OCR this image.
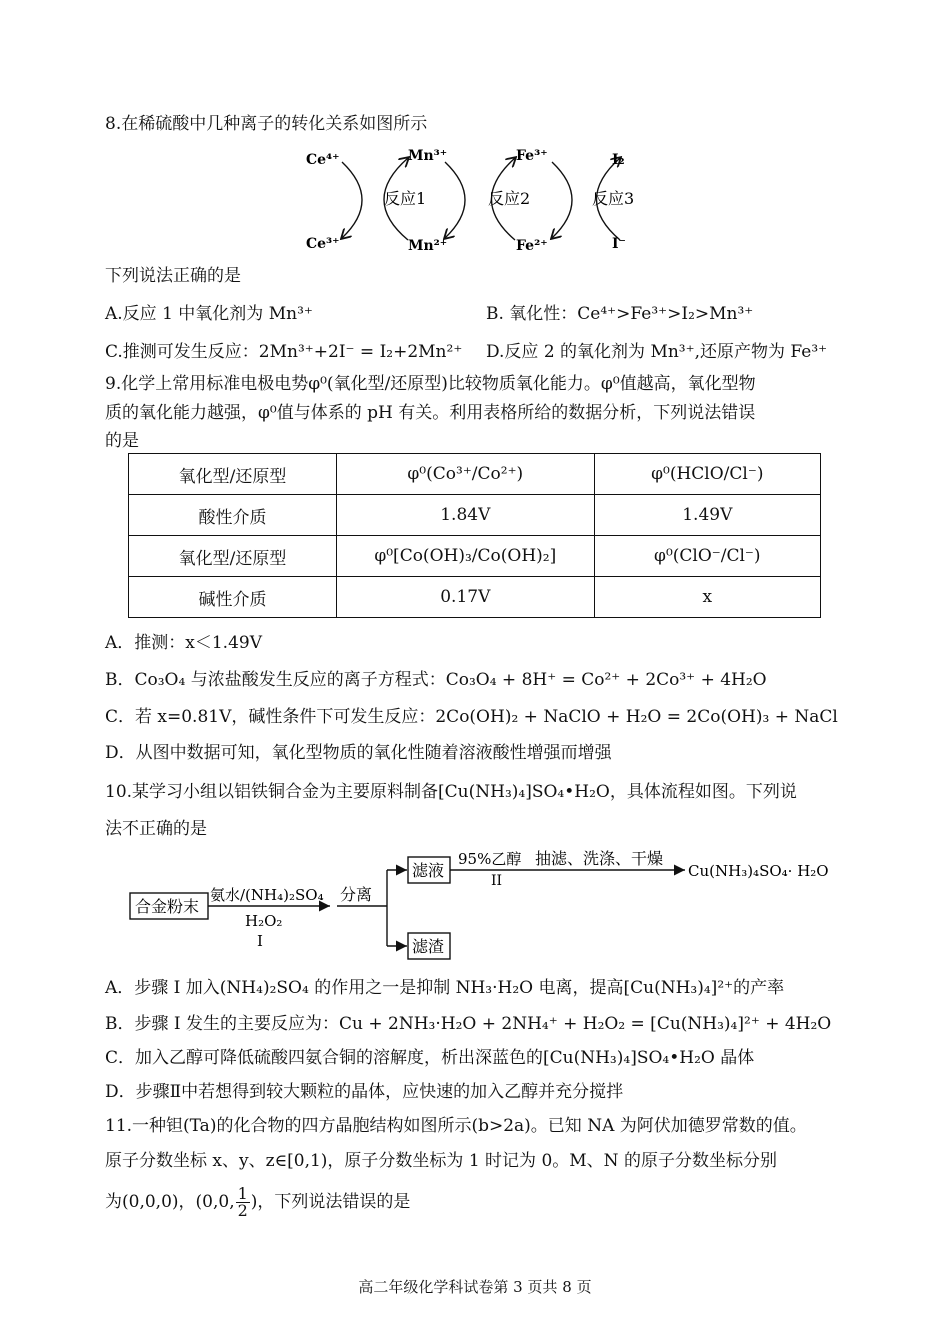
8.在稀硫酸中几种离子的转化关系如图所示
Ce⁴⁺	Mn³⁺	Fe³⁺	I₂
Ce³⁺	Mn²⁺	Fe²⁺	I⁻
反应1	反应2	反应3
下列说法正确的是
A.反应 1 中氧化剂为 Mn³⁺	B. 氧化性：Ce⁴⁺>Fe³⁺>I₂>Mn³⁺
C.推测可发生反应：2Mn³⁺+2I⁻ = I₂+2Mn²⁺ D.反应 2 的氧化剂为 Mn³⁺,还原产物为 Fe³⁺
9.化学上常用标准电极电势φ⁰(氧化型/还原型)比较物质氧化能力。φ⁰值越高，氧化型物
质的氧化能力越强，φ⁰值与体系的 pH 有关。利用表格所给的数据分析，下列说法错误
的是
氧化型/还原型	φ⁰(Co³⁺/Co²⁺)	φ⁰(HClO/Cl⁻)
酸性介质	1.84V	1.49V
氧化型/还原型	φ⁰[Co(OH)₃/Co(OH)₂]	φ⁰(ClO⁻/Cl⁻)
碱性介质	0.17V	x
A．推测：x＜1.49V
B．Co₃O₄ 与浓盐酸发生反应的离子方程式：Co₃O₄ + 8H⁺ = Co²⁺ + 2Co³⁺ + 4H₂O
C．若 x=0.81V，碱性条件下可发生反应：2Co(OH)₂ + NaClO + H₂O = 2Co(OH)₃ + NaCl
D．从图中数据可知，氧化型物质的氧化性随着溶液酸性增强而增强
10.某学习小组以铝铁铜合金为主要原料制备[Cu(NH₃)₄]SO₄•H₂O，具体流程如图。下列说
法不正确的是
合金粉末
氨水/(NH₄)₂SO₄
H₂O₂
I
分离
滤液
滤渣
95%乙醇
II
抽滤、洗涤、干燥
Cu(NH₃)₄SO₄· H₂O
A．步骤 I 加入(NH₄)₂SO₄ 的作用之一是抑制 NH₃·H₂O 电离，提高[Cu(NH₃)₄]²⁺的产率
B．步骤 I 发生的主要反应为：Cu + 2NH₃·H₂O + 2NH₄⁺ + H₂O₂ = [Cu(NH₃)₄]²⁺ + 4H₂O
C．加入乙醇可降低硫酸四氨合铜的溶解度，析出深蓝色的[Cu(NH₃)₄]SO₄•H₂O 晶体
D．步骤Ⅱ中若想得到较大颗粒的晶体，应快速的加入乙醇并充分搅拌
11.一种钽(Ta)的化合物的四方晶胞结构如图所示(b>2a)。已知 NA 为阿伏加德罗常数的值。
原子分数坐标 x、y、z∈[0,1)，原子分数坐标为 1 时记为 0。M、N 的原子分数坐标分别
为(0,0,0)，(0,0, $\frac{1}{2}$ )，下列说法错误的是
高二年级化学科试卷第 3 页共 8 页
